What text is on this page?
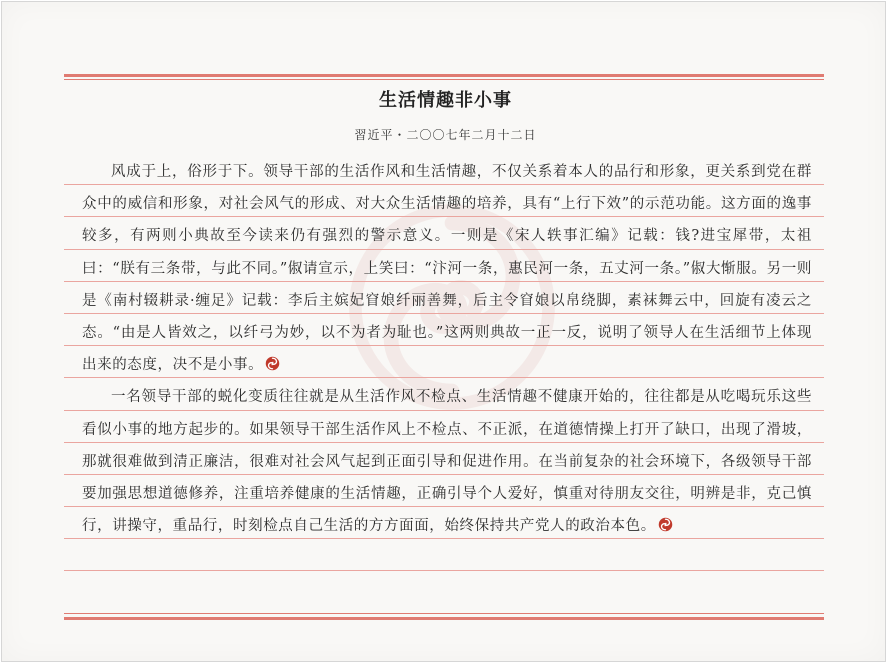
生活情趣非小事
習近平・二〇〇七年二月十二日

风成于上，俗形于下。领导干部的生活作风和生活情趣，不仅关系着本人的品行和形象，更关系到党在群众中的威信和形象，对社会风气的形成、对大众生活情趣的培养，具有“上行下效”的示范功能。这方面的逸事较多，有两则小典故至今读来仍有强烈的警示意义。一则是《宋人轶事汇编》记载：钱?进宝犀带，太祖曰：“朕有三条带，与此不同。”俶请宣示，上笑曰：“汴河一条，惠民河一条，五丈河一条。”俶大惭服。另一则是《南村辍耕录·缠足》记载：李后主嫔妃窅娘纤丽善舞，后主令窅娘以帛绕脚，素袜舞云中，回旋有凌云之态。“由是人皆效之，以纤弓为妙，以不为者为耻也。”这两则典故一正一反，说明了领导人在生活细节上体现出来的态度，决不是小事。

一名领导干部的蜕化变质往往就是从生活作风不检点、生活情趣不健康开始的，往往都是从吃喝玩乐这些看似小事的地方起步的。如果领导干部生活作风上不检点、不正派，在道德情操上打开了缺口，出现了滑坡，那就很难做到清正廉洁，很难对社会风气起到正面引导和促进作用。在当前复杂的社会环境下，各级领导干部要加强思想道德修养，注重培养健康的生活情趣，正确引导个人爱好，慎重对待朋友交往，明辨是非，克己慎行，讲操守，重品行，时刻检点自己生活的方方面面，始终保持共产党人的政治本色。
